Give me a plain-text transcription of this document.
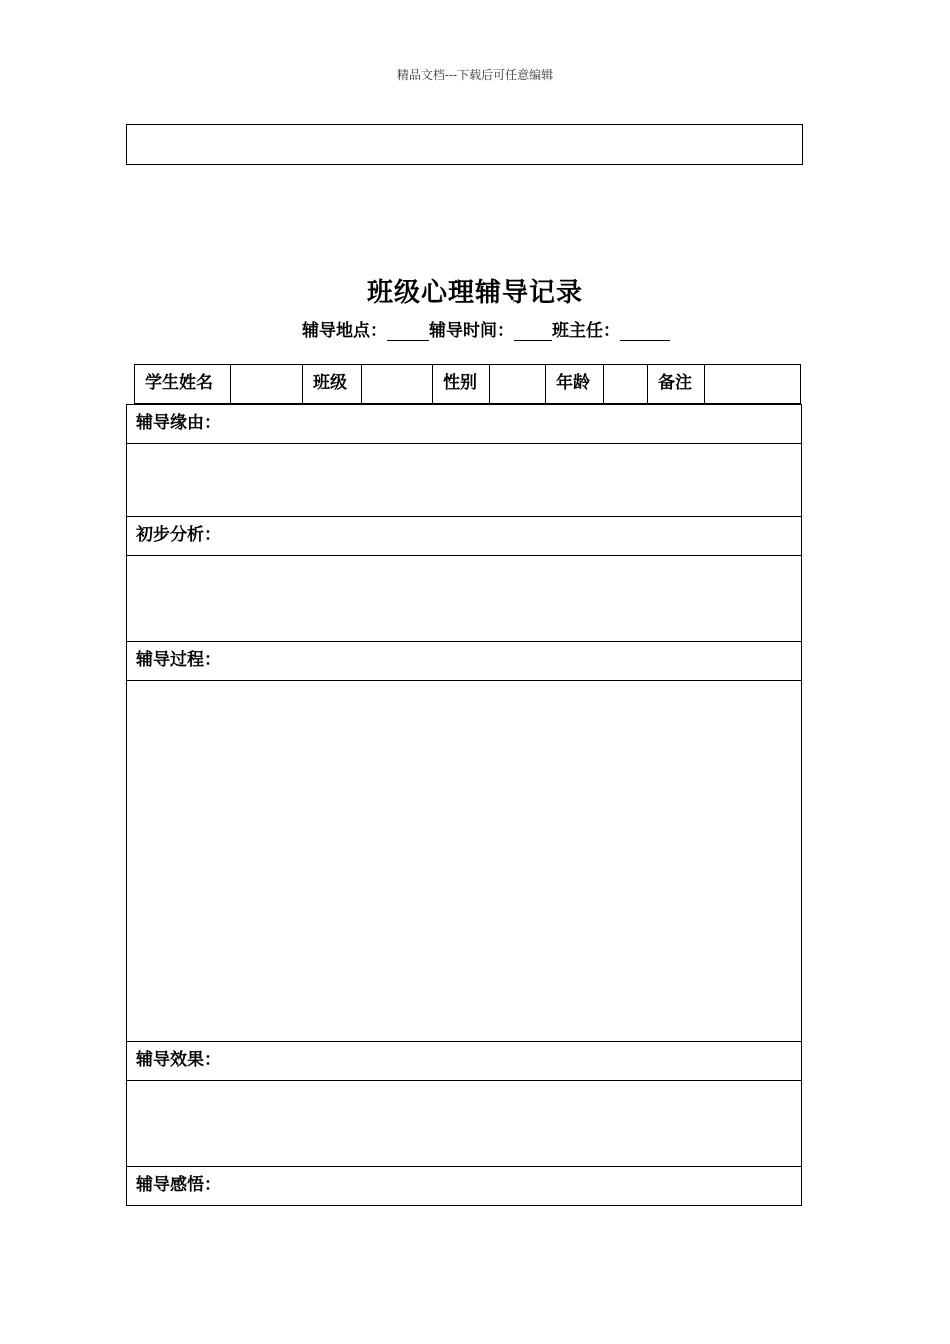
精品文档---下载后可任意编辑
班级心理辅导记录
辅导地点： 辅导时间： 班主任：
学生姓名	班级	性别	年龄	备注
辅导缘由：
初步分析：
辅导过程：
辅导效果：
辅导感悟：
